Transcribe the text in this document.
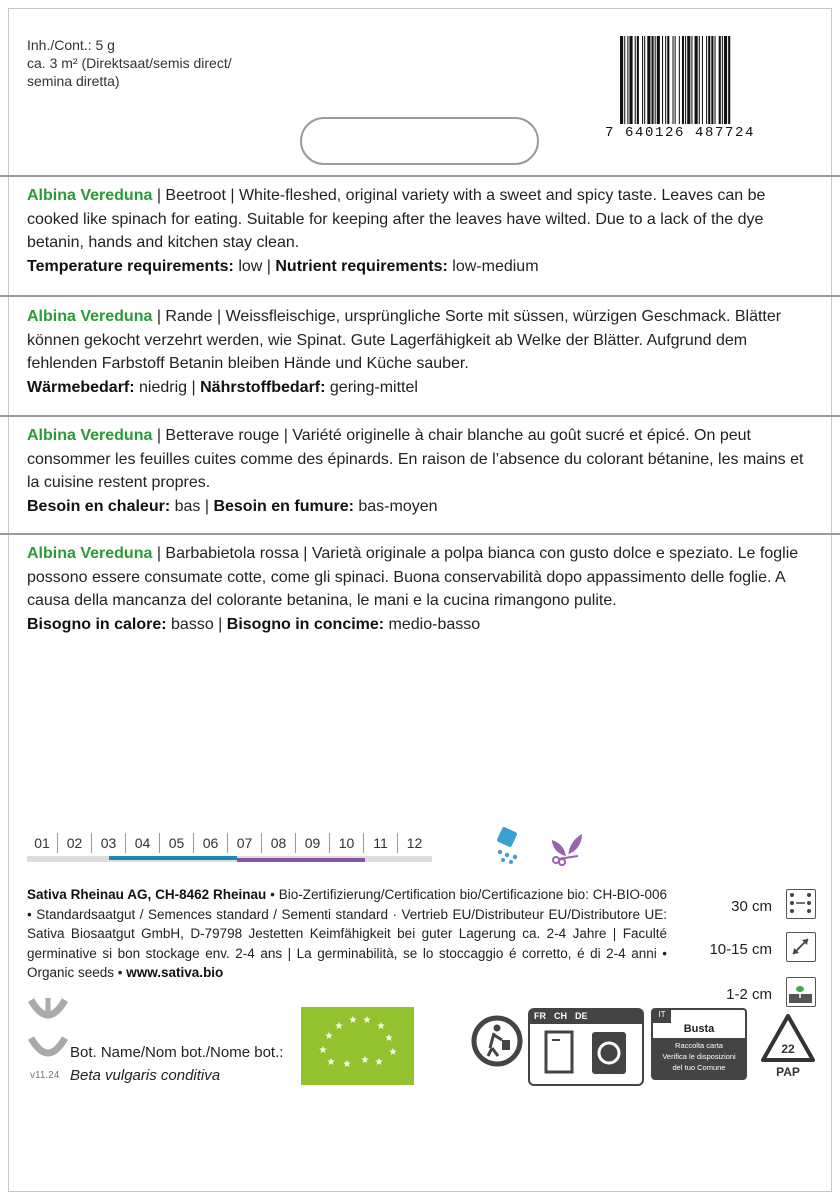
Inh./Cont.: 5 g
ca. 3 m² (Direktsaat/semis direct/
semina diretta)
7 640126 487724
Albina Vereduna | Beetroot | White-fleshed, original variety with a sweet and spicy taste. Leaves can be cooked like spinach for eating. Suitable for keeping after the leaves have wilted. Due to a lack of the dye betanin, hands and kitchen stay clean.
Temperature requirements: low | Nutrient requirements: low-medium
Albina Vereduna | Rande | Weissfleischige, ursprüngliche Sorte mit süssen, würzigen Geschmack. Blätter können gekocht verzehrt werden, wie Spinat. Gute Lagerfähigkeit ab Welke der Blätter. Aufgrund dem fehlenden Farbstoff Betanin bleiben Hände und Küche sauber.
Wärmebedarf: niedrig | Nährstoffbedarf: gering-mittel
Albina Vereduna | Betterave rouge | Variété originelle à chair blanche au goût sucré et épicé. On peut consommer les feuilles cuites comme des épinards. En raison de l’absence du colorant bétanine, les mains et la cuisine restent propres.
Besoin en chaleur: bas | Besoin en fumure: bas-moyen
Albina Vereduna | Barbabietola rossa | Varietà originale a polpa bianca con gusto dolce e speziato. Le foglie possono essere consumate cotte, come gli spinaci. Buona conservabilità dopo appassimento delle foglie. A causa della mancanza del colorante betanina, le mani e la cucina rimangono pulite.
Bisogno in calore: basso | Bisogno in concime: medio-basso
01	02	03	04	05	06	07	08	09	10	11	12
Sativa Rheinau AG, CH-8462 Rheinau • Bio-Zertifizierung/Certification bio/Certificazione bio: CH-BIO-006 • Standardsaatgut / Semences standard / Sementi standard · Vertrieb EU/Distributeur EU/Distributore UE: Sativa Biosaatgut GmbH, D-79798 Jestetten Keimfähigkeit bei guter Lagerung ca. 2-4 Jahre | Faculté germinative si bon stockage env. 2-4 ans | La germinabilità, se lo stoccaggio é corretto, é di 2-4 anni • Organic seeds • www.sativa.bio
30 cm
10-15 cm
1-2 cm
v11.24
Bot. Name/Nom bot./Nome bot.:
Beta vulgaris conditiva
★
★
★
★ ★
★
★
★
★ ★ ★ ★
FR CH DE	IT
Busta
Raccolta carta
Verifica le disposizioni
del tuo Comune
22
PAP
